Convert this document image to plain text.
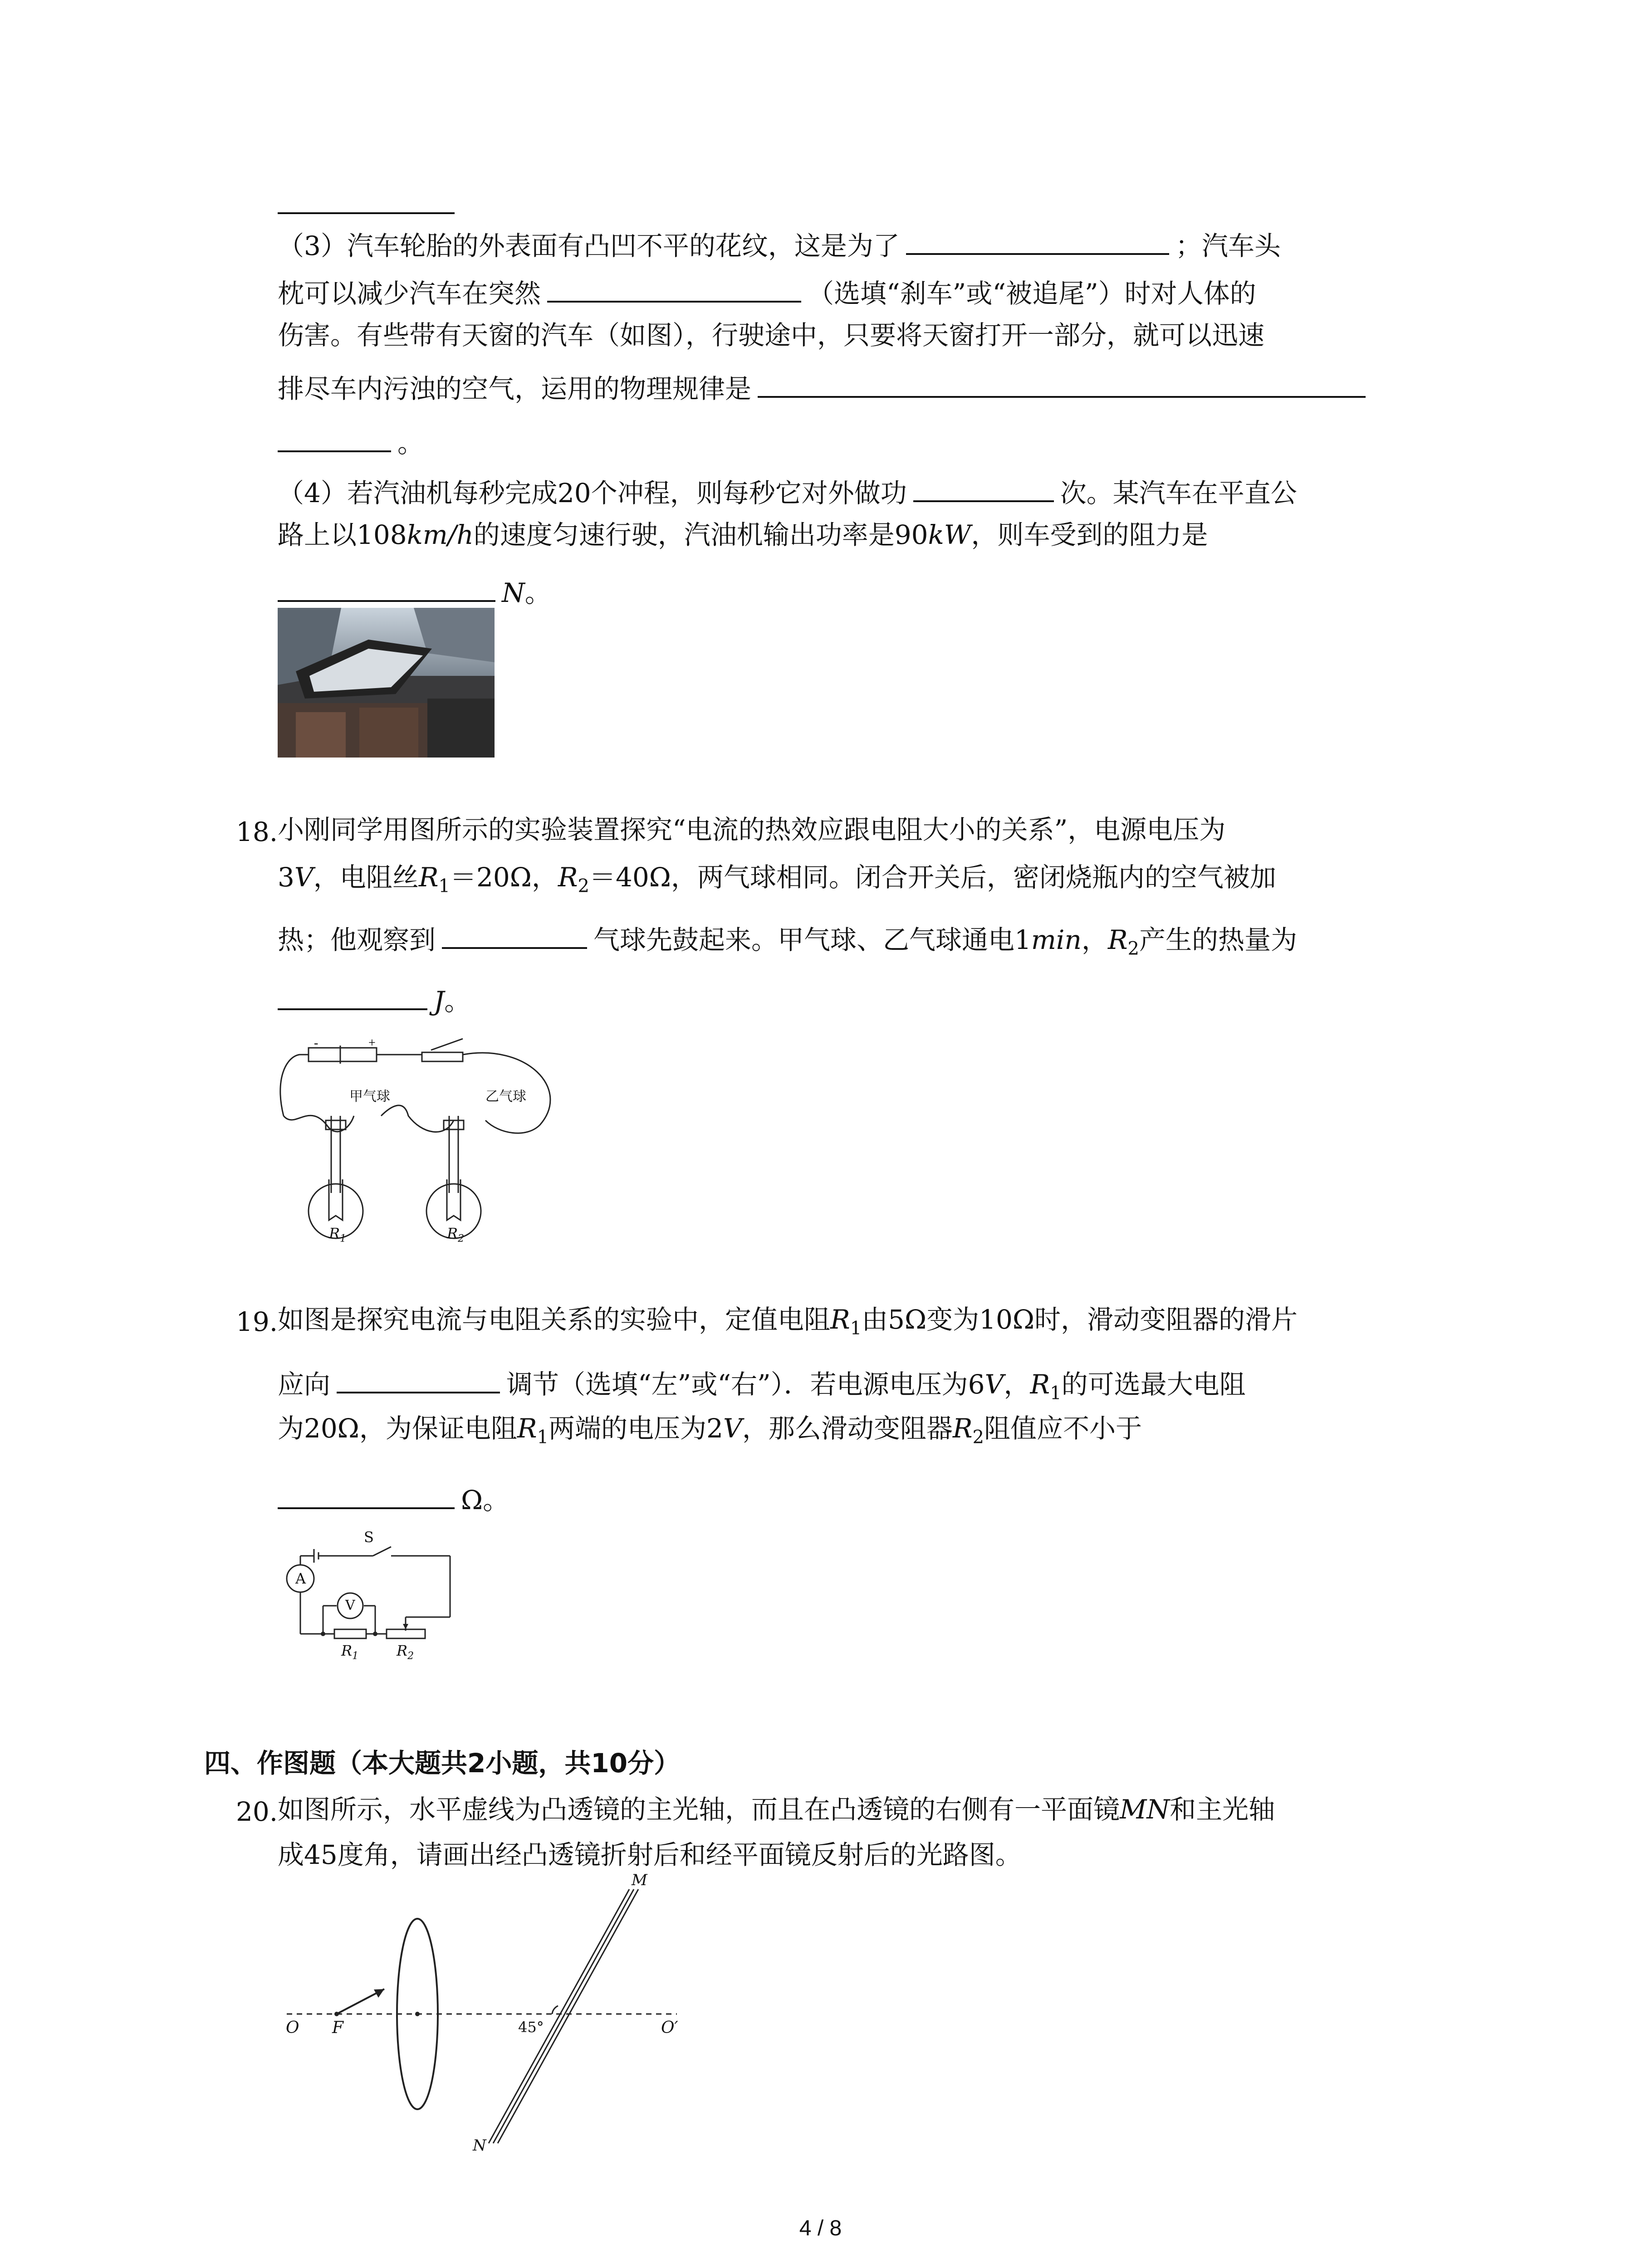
（3）汽车轮胎的外表面有凸凹不平的花纹，这是为了	；汽车头
枕可以减少汽车在突然	（选填“刹车”或“被追尾”）时对人体的
伤害。有些带有天窗的汽车（如图），行驶途中，只要将天窗打开一部分，就可以迅速
排尽车内污浊的空气，运用的物理规律是
。
（4）若汽油机每秒完成20个冲程，则每秒它对外做功	次。某汽车在平直公
路上以108km/h的速度匀速行驶，汽油机输出功率是90kW，则车受到的阻力是
N。
18. 小刚同学用图所示的实验装置探究“电流的热效应跟电阻大小的关系”，电源电压为
3V，电阻丝$R_1=20\Omega$，$R_2=40\Omega$，两气球相同。闭合开关后，密闭烧瓶内的空气被加
热；他观察到	气球先鼓起来。甲气球、乙气球通电1min，$R_2$产生的热量为
J。
-	+
甲气球	乙气球
$R_1$	$R_2$
19. 如图是探究电流与电阻关系的实验中，定值电阻$R_1$由5Ω变为10Ω时，滑动变阻器的滑片
应向	调节（选填“左”或“右”）．若电源电压为6V，$R_1$的可选最大电阻
为20Ω，为保证电阻$R_1$两端的电压为2V，那么滑动变阻器$R_2$阻值应不小于
Ω。
S
A
V
$R_1$	$R_2$
四、作图题（本大题共2小题，共10分）
20. 如图所示，水平虚线为凸透镜的主光轴，而且在凸透镜的右侧有一平面镜MN和主光轴
成45度角，请画出经凸透镜折射后和经平面镜反射后的光路图。
O F	45°	O′
M
N
4 / 8
